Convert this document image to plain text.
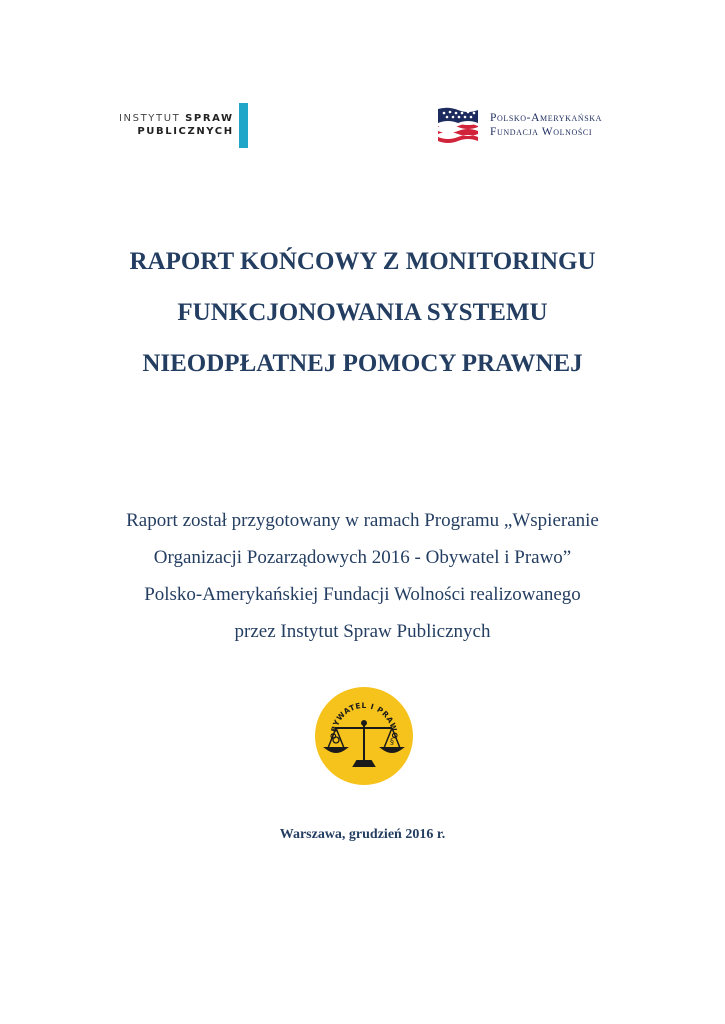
INSTYTUT SPRAW
PUBLICZNYCH
Polsko-Amerykańska
Fundacja Wolności
RAPORT KOŃCOWY Z MONITORINGU
FUNKCJONOWANIA SYSTEMU
NIEODPŁATNEJ POMOCY PRAWNEJ

Raport został przygotowany w ramach Programu „Wspieranie
Organizacji Pozarządowych 2016 - Obywatel i Prawo”
Polsko-Amerykańskiej Fundacji Wolności realizowanego
przez Instytut Spraw Publicznych

OBYWATEL I PRAWO
§

Warszawa, grudzień 2016 r.
